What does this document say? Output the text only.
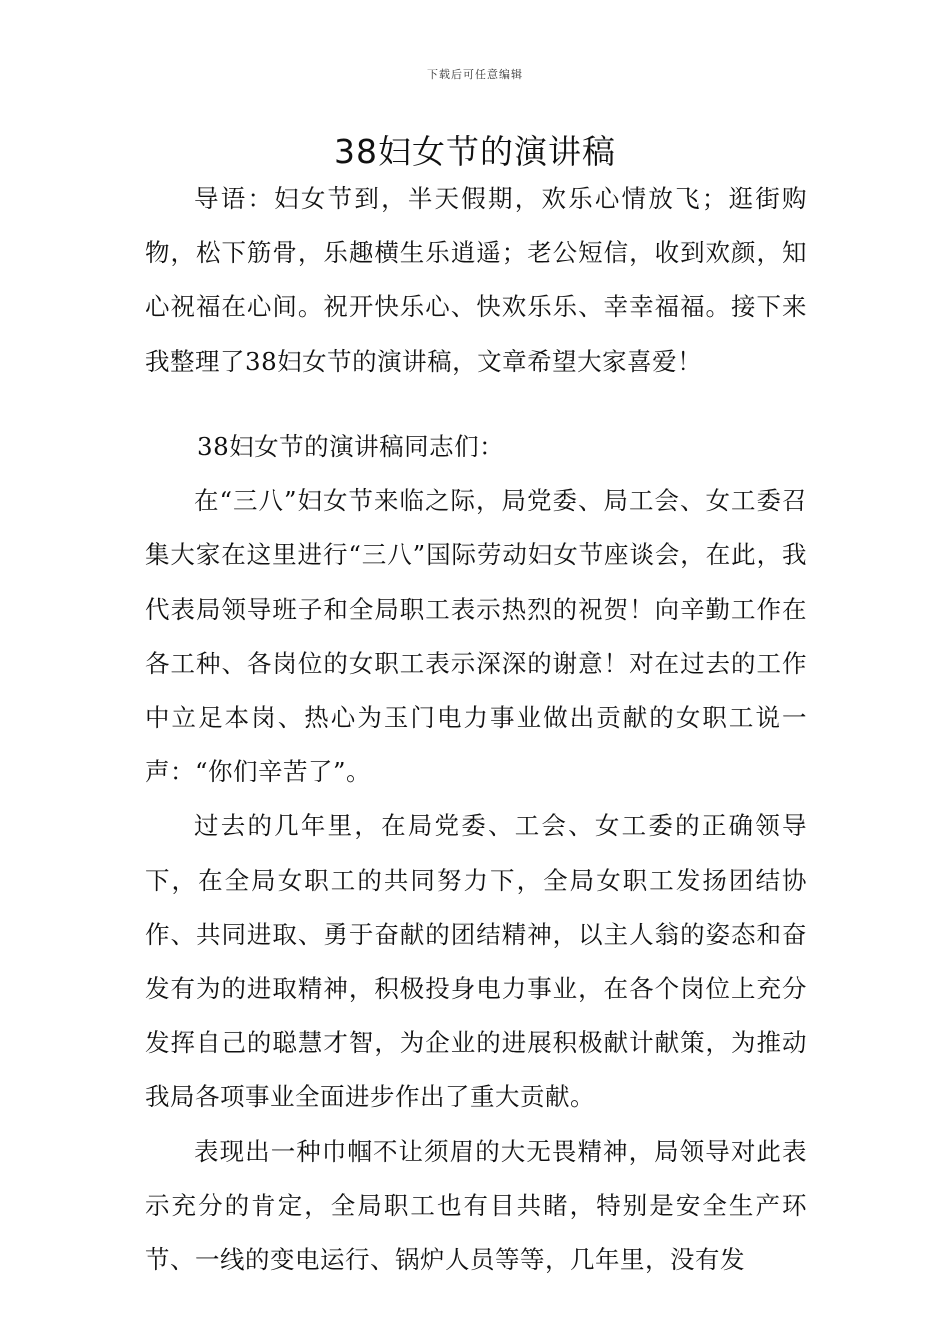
下载后可任意编辑
38妇女节的演讲稿

导语：妇女节到，半天假期，欢乐心情放飞；逛街购物，松下筋骨，乐趣横生乐逍遥；老公短信，收到欢颜，知心祝福在心间。祝开快乐心、快欢乐乐、幸幸福福。接下来我整理了38妇女节的演讲稿，文章希望大家喜爱！

38妇女节的演讲稿同志们：

在“三八”妇女节来临之际，局党委、局工会、女工委召集大家在这里进行“三八”国际劳动妇女节座谈会，在此，我代表局领导班子和全局职工表示热烈的祝贺！向辛勤工作在各工种、各岗位的女职工表示深深的谢意！对在过去的工作中立足本岗、热心为玉门电力事业做出贡献的女职工说一声：“你们辛苦了”。

过去的几年里，在局党委、工会、女工委的正确领导下，在全局女职工的共同努力下，全局女职工发扬团结协作、共同进取、勇于奋献的团结精神，以主人翁的姿态和奋发有为的进取精神，积极投身电力事业，在各个岗位上充分发挥自己的聪慧才智，为企业的进展积极献计献策，为推动我局各项事业全面进步作出了重大贡献。

表现出一种巾帼不让须眉的大无畏精神，局领导对此表示充分的肯定，全局职工也有目共睹，特别是安全生产环节、一线的变电运行、锅炉人员等等，几年里，没有发
